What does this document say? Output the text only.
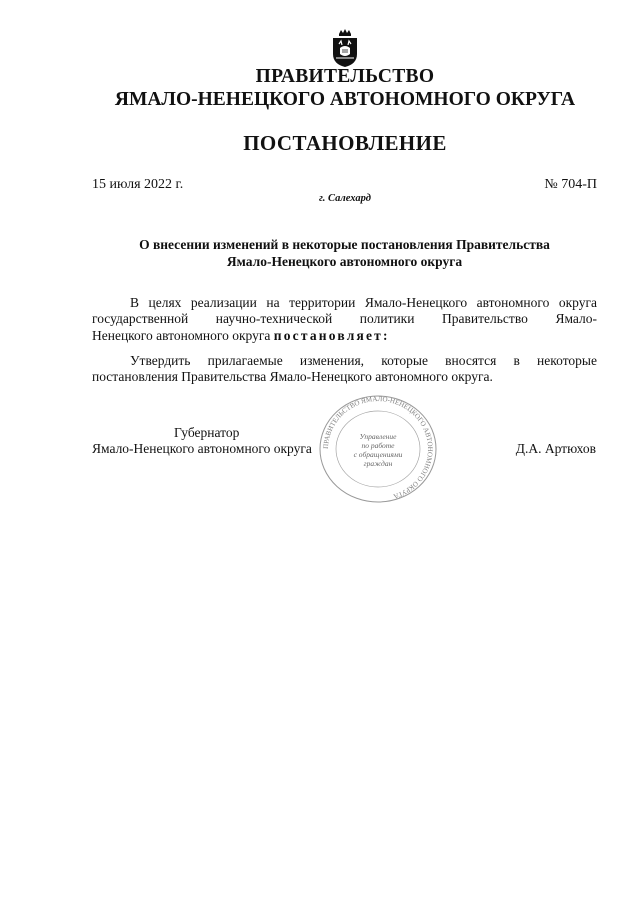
ПРАВИТЕЛЬСТВО
ЯМАЛО-НЕНЕЦКОГО АВТОНОМНОГО ОКРУГА
ПОСТАНОВЛЕНИЕ
15 июля 2022 г.	№ 704-П
г. Салехард
О внесении изменений в некоторые постановления Правительства
Ямало-Ненецкого автономного округа
В целях реализации на территории Ямало-Ненецкого автономного округа
государственной научно-технической политики Правительство Ямало-
Ненецкого автономного округа постановляет:
Утвердить прилагаемые изменения, которые вносятся в некоторые
постановления Правительства Ямало-Ненецкого автономного округа.
ПРАВИТЕЛЬСТВО ЯМАЛО-НЕНЕЦКОГО АВТОНОМНОГО ОКРУГА
Управление
по работе
с обращениями
граждан
Губернатор
Ямало-Ненецкого автономного округа	Д.А. Артюхов
